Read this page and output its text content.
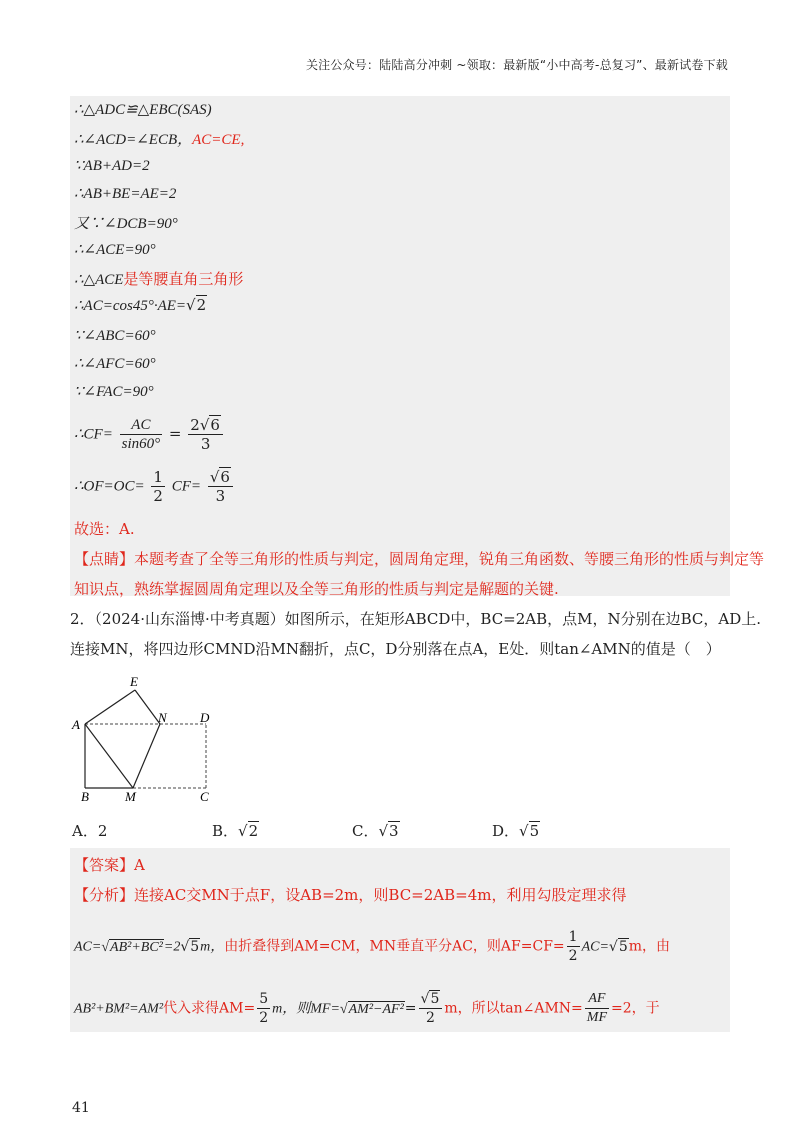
关注公众号：陆陆高分冲刺 ~领取：最新版“小中高考-总复习”、最新试卷下载
∴△ADC≌△EBC(SAS)
∴∠ACD=∠ECB，AC=CE,
∵AB+AD=2
∴AB+BE=AE=2
又∵∠DCB=90°
∴∠ACE=90°
∴△ACE是等腰直角三角形
∴AC=cos45°·AE=√2
∵∠ABC=60°
∴∠AFC=60°
∵∠FAC=90°
∴CF= $\frac{AC}{\sin 60^\circ} = \frac{2√6}{3}$
∴OF=OC= $\frac{1}{2} CF= \frac{√6}{3}$
故选：A.
【点睛】本题考查了全等三角形的性质与判定，圆周角定理，锐角三角函数、等腰三角形的性质与判定等
知识点，熟练掌握圆周角定理以及全等三角形的性质与判定是解题的关键.
2．（2024·山东淄博·中考真题）如图所示，在矩形ABCD中，BC=2AB，点M，N分别在边BC，AD上.
连接MN，将四边形CMND沿MN翻折，点C，D分别落在点A，E处．则tan∠AMN的值是（　）
E
A	N	D
B	M	C
A．2	B．√2	C．√3	D．√5
【答案】A
【分析】连接AC交MN于点F，设AB=2m，则BC=2AB=4m，利用勾股定理求得
AC=√AB²+BC²=2√5m，由折叠得到AM=CM，MN垂直平分AC，则$AF=CF= \frac{1}{2} AC=√5m$，由
AB²+BM²=AM²代入求得$AM= \frac{5}{2}$ m，则$MF=√AM^2-AF^2= \frac{√5}{2}$ m，所以tan∠AMN= $\frac{AF}{MF} =2$，于
41
